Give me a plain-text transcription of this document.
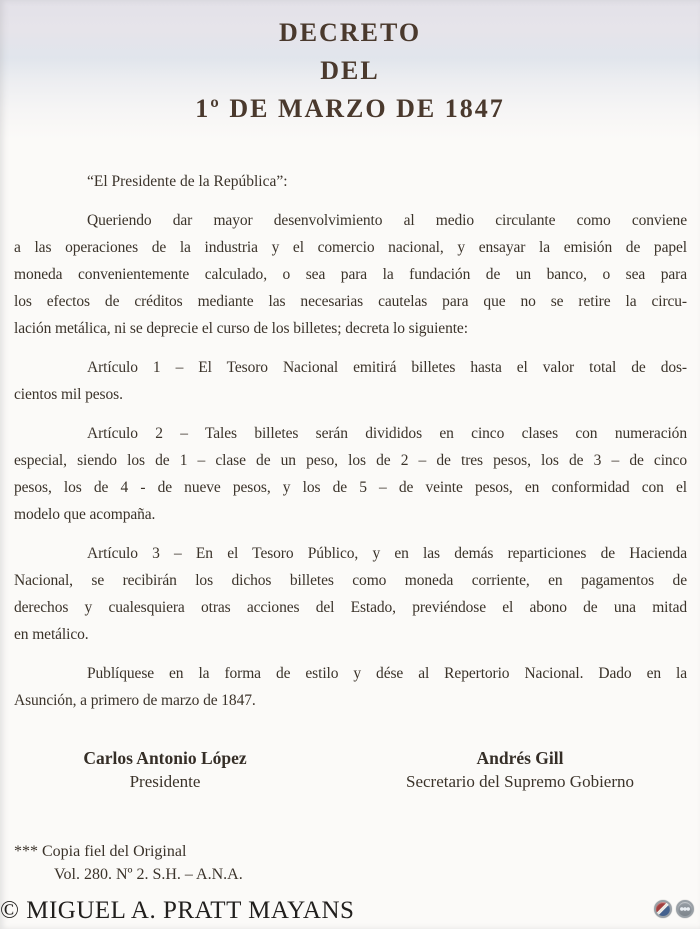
DECRETO
DEL
1º DE MARZO DE 1847
“El Presidente de la República”:
Queriendo dar mayor desenvolvimiento al medio circulante como conviene
a las operaciones de la industria y el comercio nacional, y ensayar la emisión de papel
moneda convenientemente calculado, o sea para la fundación de un banco, o sea para
los efectos de créditos mediante las necesarias cautelas para que no se retire la circu-
lación metálica, ni se deprecie el curso de los billetes; decreta lo siguiente:
Artículo 1 – El Tesoro Nacional emitirá billetes hasta el valor total de dos-
cientos mil pesos.
Artículo 2 – Tales billetes serán divididos en cinco clases con numeración
especial, siendo los de 1 – clase de un peso, los de 2 – de tres pesos, los de 3 – de cinco
pesos, los de 4 - de nueve pesos, y los de 5 – de veinte pesos, en conformidad con el
modelo que acompaña.
Artículo 3 – En el Tesoro Público, y en las demás reparticiones de Hacienda
Nacional, se recibirán los dichos billetes como moneda corriente, en pagamentos de
derechos y cualesquiera otras acciones del Estado, previéndose el abono de una mitad
en metálico.
Publíquese en la forma de estilo y dése al Repertorio Nacional. Dado en la
Asunción, a primero de marzo de 1847.
Carlos Antonio López
Presidente
Andrés Gill
Secretario del Supremo Gobierno
*** Copia fiel del Original
Vol. 280. Nº 2. S.H. – A.N.A.
© MIGUEL A. PRATT MAYANS
